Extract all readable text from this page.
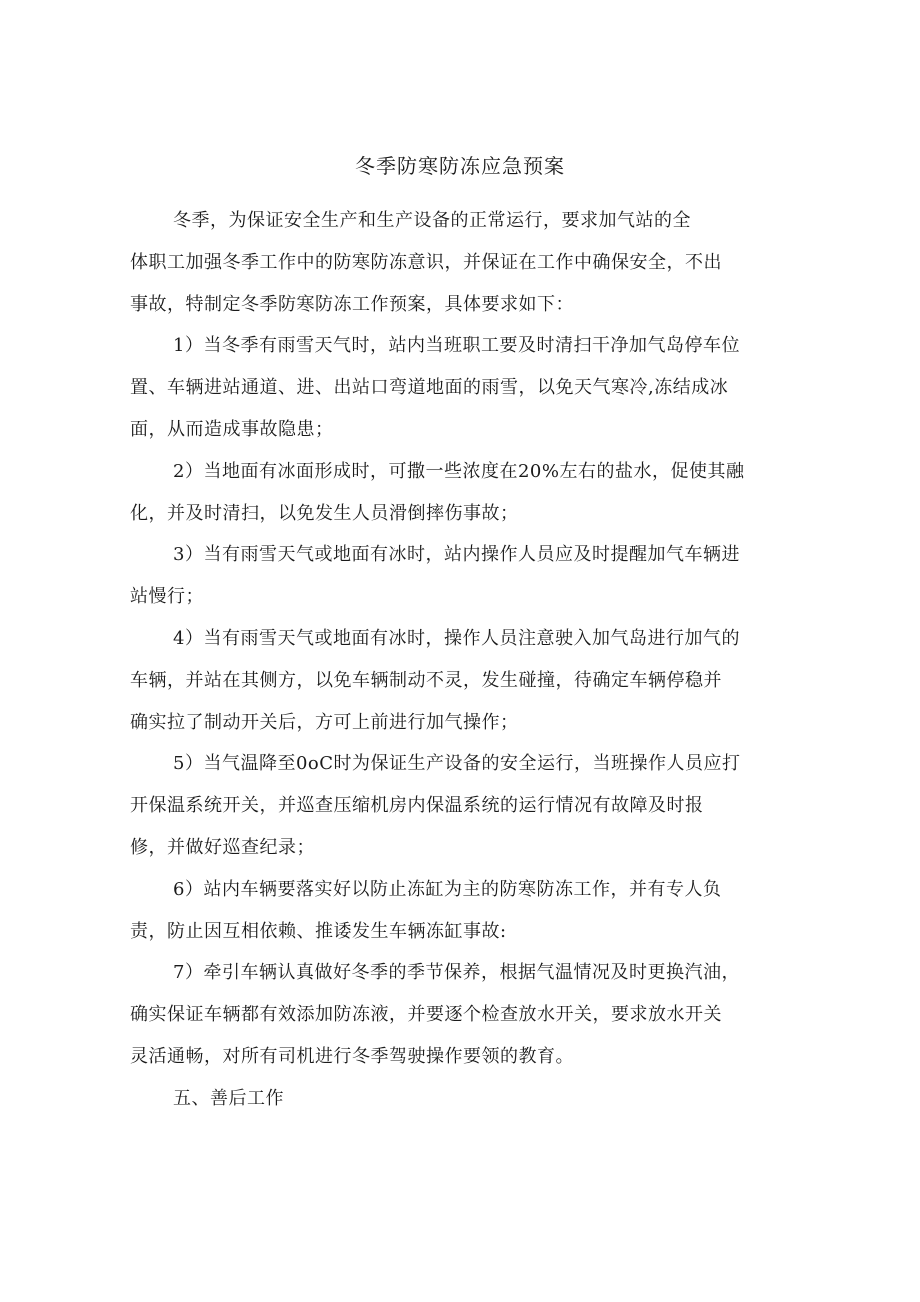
冬季防寒防冻应急预案
冬季，为保证安全生产和生产设备的正常运行，要求加气站的全
体职工加强冬季工作中的防寒防冻意识，并保证在工作中确保安全，不出
事故，特制定冬季防寒防冻工作预案，具体要求如下：
1）当冬季有雨雪天气时，站内当班职工要及时清扫干净加气岛停车位
置、车辆进站通道、进、出站口弯道地面的雨雪，以免天气寒冷,冻结成冰
面，从而造成事故隐患；
2）当地面有冰面形成时，可撒一些浓度在20%左右的盐水，促使其融
化，并及时清扫，以免发生人员滑倒摔伤事故；
3）当有雨雪天气或地面有冰时，站内操作人员应及时提醒加气车辆进
站慢行；
4）当有雨雪天气或地面有冰时，操作人员注意驶入加气岛进行加气的
车辆，并站在其侧方，以免车辆制动不灵，发生碰撞，待确定车辆停稳并
确实拉了制动开关后，方可上前进行加气操作；
5）当气温降至0oC时为保证生产设备的安全运行，当班操作人员应打
开保温系统开关，并巡查压缩机房内保温系统的运行情况有故障及时报
修，并做好巡查纪录；
6）站内车辆要落实好以防止冻缸为主的防寒防冻工作，并有专人负
责，防止因互相依赖、推诿发生车辆冻缸事故:
7）牵引车辆认真做好冬季的季节保养，根据气温情况及时更换汽油，
确实保证车辆都有效添加防冻液，并要逐个检查放水开关，要求放水开关
灵活通畅，对所有司机进行冬季驾驶操作要领的教育。
五、善后工作
